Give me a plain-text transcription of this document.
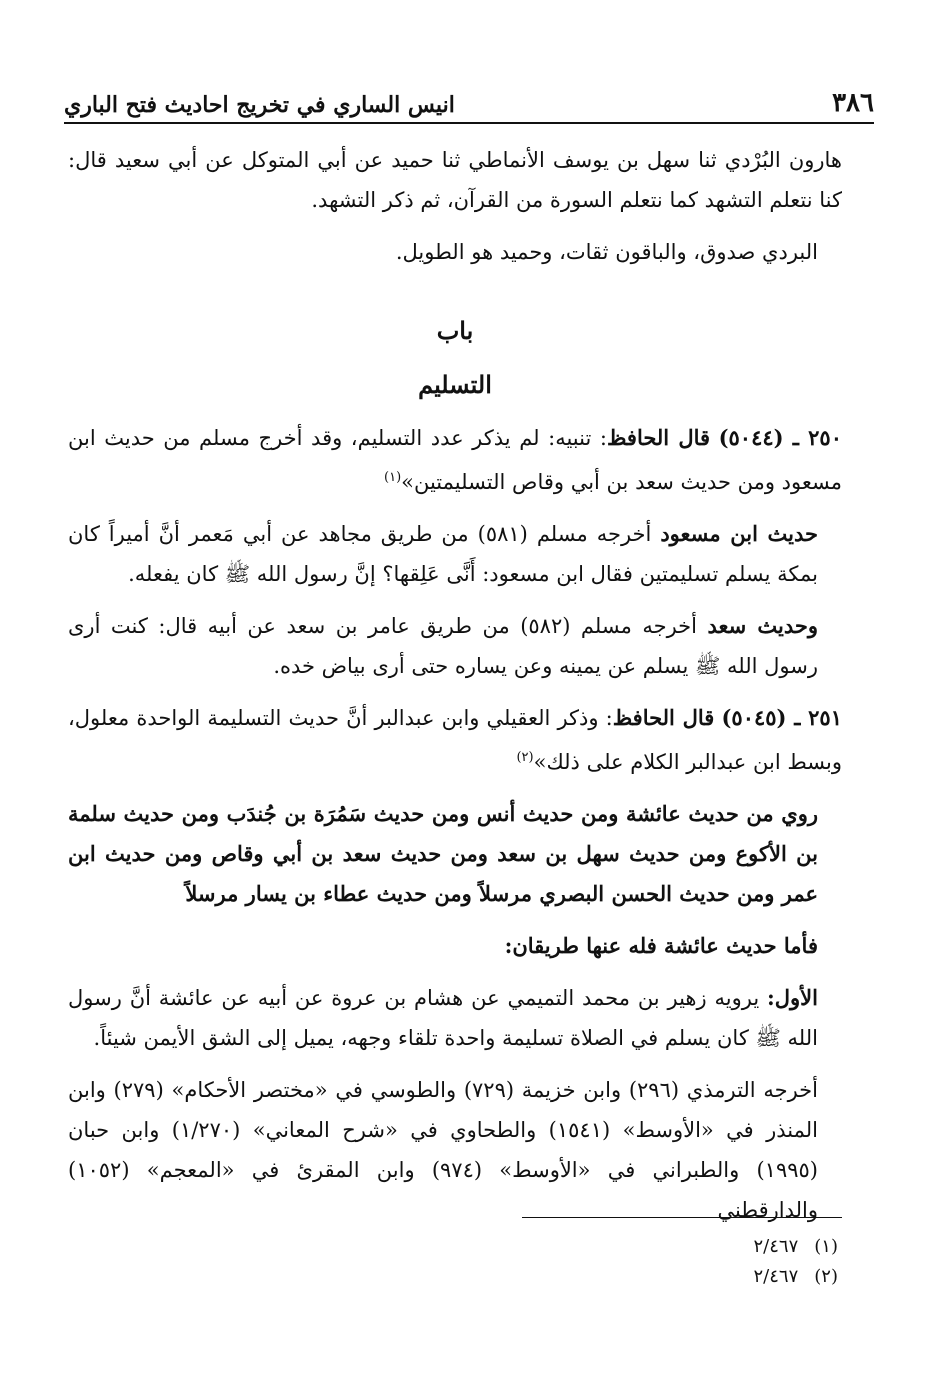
٣٨٦
انيس الساري في تخريج احاديث فتح الباري

هارون البُرْدي ثنا سهل بن يوسف الأنماطي ثنا حميد عن أبي المتوكل عن أبي سعيد قال: كنا نتعلم التشهد كما نتعلم السورة من القرآن، ثم ذكر التشهد.

البردي صدوق، والباقون ثقات، وحميد هو الطويل.

باب

التسليم

٢٥٠ ـ (٥٠٤٤) قال الحافظ: تنبيه: لم يذكر عدد التسليم، وقد أخرج مسلم من حديث ابن مسعود ومن حديث سعد بن أبي وقاص التسليمتين»$^{(١)}$

حديث ابن مسعود أخرجه مسلم (٥٨١) من طريق مجاهد عن أبي مَعمر أنَّ أميراً كان بمكة يسلم تسليمتين فقال ابن مسعود: أَنَّى عَلِقها؟ إنَّ رسول الله ﷺ كان يفعله.

وحديث سعد أخرجه مسلم (٥٨٢) من طريق عامر بن سعد عن أبيه قال: كنت أرى رسول الله ﷺ يسلم عن يمينه وعن يساره حتى أرى بياض خده.

٢٥١ ـ (٥٠٤٥) قال الحافظ: وذكر العقيلي وابن عبدالبر أنَّ حديث التسليمة الواحدة معلول، وبسط ابن عبدالبر الكلام على ذلك»$^{(٢)}$

روي من حديث عائشة ومن حديث أنس ومن حديث سَمُرَة بن جُندَب ومن حديث سلمة بن الأكوع ومن حديث سهل بن سعد ومن حديث سعد بن أبي وقاص ومن حديث ابن عمر ومن حديث الحسن البصري مرسلاً ومن حديث عطاء بن يسار مرسلاً

فأما حديث عائشة فله عنها طريقان:

الأول: يرويه زهير بن محمد التميمي عن هشام بن عروة عن أبيه عن عائشة أنَّ رسول الله ﷺ كان يسلم في الصلاة تسليمة واحدة تلقاء وجهه، يميل إلى الشق الأيمن شيئاً.

أخرجه الترمذي (٢٩٦) وابن خزيمة (٧٢٩) والطوسي في «مختصر الأحكام» (٢٧٩) وابن المنذر في «الأوسط» (١٥٤١) والطحاوي في «شرح المعاني» (١/٢٧٠) وابن حبان (١٩٩٥) والطبراني في «الأوسط» (٩٧٤) وابن المقرئ في «المعجم» (١٠٥٢) والدارقطني

(١)
٢/٤٦٧
(٢)
٢/٤٦٧
